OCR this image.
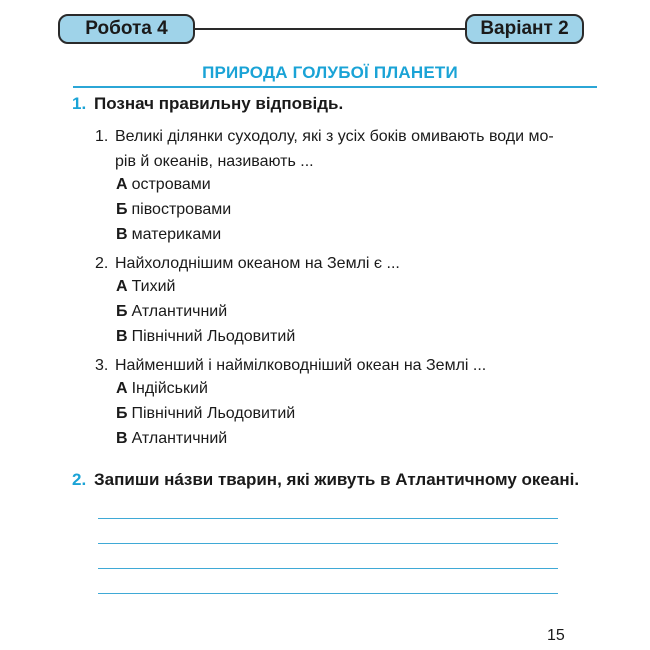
Робота 4	Варіант 2
ПРИРОДА ГОЛУБОЇ ПЛАНЕТИ
1. Познач правильну відповідь.
1. Великі ділянки суходолу, які з усіх боків омивають води мо-
рів й океанів, називають ...
А островами
Б півостровами
В материками
2. Найхолоднішим океаном на Землі є ...
А Тихий
Б Атлантичний
В Північний Льодовитий
3. Найменший і наймілководніший океан на Землі ...
А Індійський
Б Північний Льодовитий
В Атлантичний
2. Запиши нáзви тварин, які живуть в Атлантичному океані.
15
